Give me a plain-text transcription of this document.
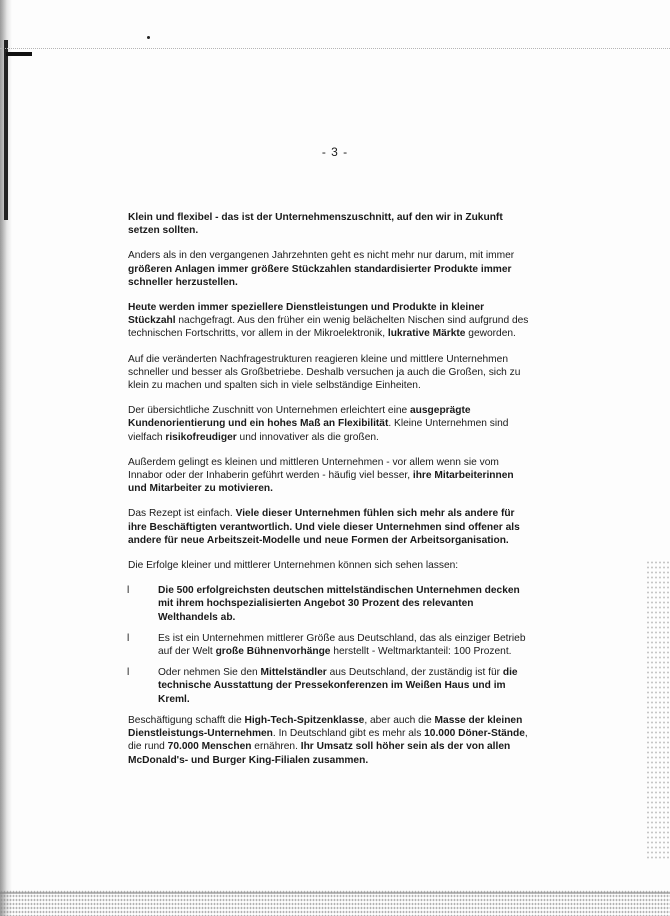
- 3 -

Klein und flexibel - das ist der Unternehmenszuschnitt, auf den wir in Zukunft setzen sollten.

Anders als in den vergangenen Jahrzehnten geht es nicht mehr nur darum, mit immer größeren Anlagen immer größere Stückzahlen standardisierter Produkte immer schneller herzustellen.

Heute werden immer speziellere Dienstleistungen und Produkte in kleiner Stückzahl nachgefragt. Aus den früher ein wenig belächelten Nischen sind aufgrund des technischen Fortschritts, vor allem in der Mikroelektronik, lukrative Märkte geworden.

Auf die veränderten Nachfragestrukturen reagieren kleine und mittlere Unternehmen schneller und besser als Großbetriebe. Deshalb versuchen ja auch die Großen, sich zu klein zu machen und spalten sich in viele selbständige Einheiten.

Der übersichtliche Zuschnitt von Unternehmen erleichtert eine ausgeprägte Kundenorientierung und ein hohes Maß an Flexibilität. Kleine Unternehmen sind vielfach risikofreudiger und innovativer als die großen.

Außerdem gelingt es kleinen und mittleren Unternehmen - vor allem wenn sie vom Innabor oder der Inhaberin geführt werden - häufig viel besser, ihre Mitarbeiterinnen und Mitarbeiter zu motivieren.

Das Rezept ist einfach. Viele dieser Unternehmen fühlen sich mehr als andere für ihre Beschäftigten verantwortlich. Und viele dieser Unternehmen sind offener als andere für neue Arbeitszeit-Modelle und neue Formen der Arbeitsorganisation.

Die Erfolge kleiner und mittlerer Unternehmen können sich sehen lassen:

l	Die 500 erfolgreichsten deutschen mittelständischen Unternehmen decken mit ihrem hochspezialisierten Angebot 30 Prozent des relevanten Welthandels ab.
l	Es ist ein Unternehmen mittlerer Größe aus Deutschland, das als einziger Betrieb auf der Welt große Bühnenvorhänge herstellt - Weltmarktanteil: 100 Prozent.
l	Oder nehmen Sie den Mittelständler aus Deutschland, der zuständig ist für die technische Ausstattung der Pressekonferenzen im Weißen Haus und im Kreml.

Beschäftigung schafft die High-Tech-Spitzenklasse, aber auch die Masse der kleinen Dienstleistungs-Unternehmen. In Deutschland gibt es mehr als 10.000 Döner-Stände, die rund 70.000 Menschen ernähren. Ihr Umsatz soll höher sein als der von allen McDonald's- und Burger King-Filialen zusammen.
